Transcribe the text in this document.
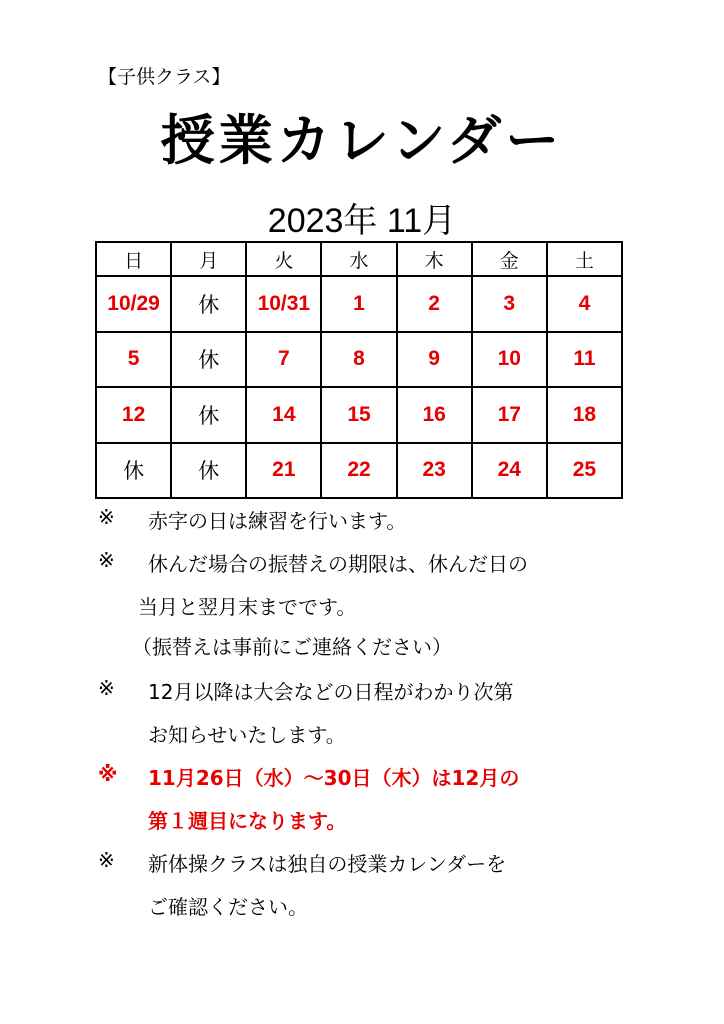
【子供クラス】
授業カレンダー
2023年 11月
日	月	火	水	木	金	土
10/29	休	10/31	1	2	3	4
5	休	7	8	9	10	11
12	休	14	15	16	17	18
休	休	21	22	23	24	25
※ 赤字の日は練習を行います。
※ 休んだ場合の振替えの期限は、休んだ日の
当月と翌月末までです。
（振替えは事前にご連絡ください）
※ 12月以降は大会などの日程がわかり次第
お知らせいたします。
※ 11月26日（水）～30日（木）は12月の
第１週目になります。
※ 新体操クラスは独自の授業カレンダーを
ご確認ください。
